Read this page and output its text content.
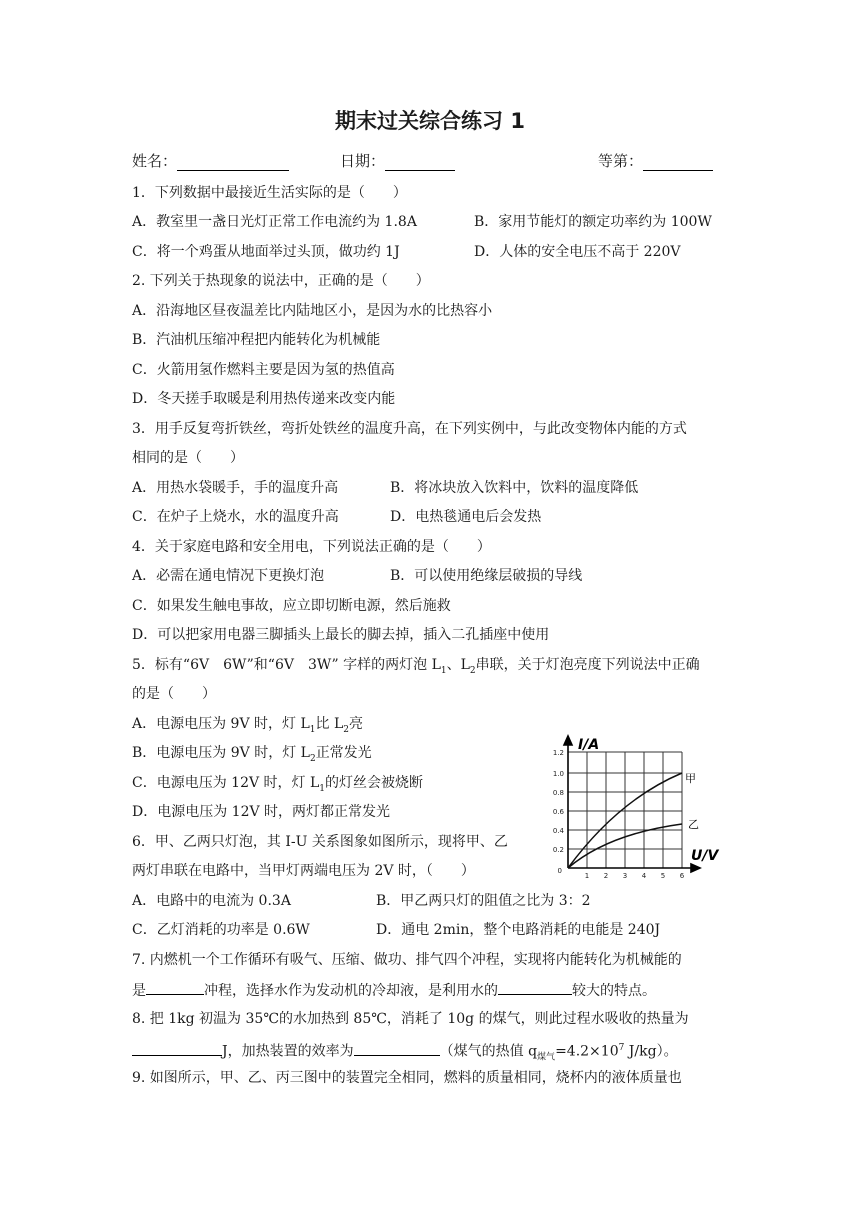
期末过关综合练习 1
姓名：	日期：	等第：
1．下列数据中最接近生活实际的是（　　）
A．教室里一盏日光灯正常工作电流约为 1.8A	B．家用节能灯的额定功率约为 100W
C．将一个鸡蛋从地面举过头顶，做功约 1J	D．人体的安全电压不高于 220V
2. 下列关于热现象的说法中，正确的是（　　）
A．沿海地区昼夜温差比内陆地区小，是因为水的比热容小
B．汽油机压缩冲程把内能转化为机械能
C．火箭用氢作燃料主要是因为氢的热值高
D．冬天搓手取暖是利用热传递来改变内能
3．用手反复弯折铁丝，弯折处铁丝的温度升高，在下列实例中，与此改变物体内能的方式
相同的是（　　）
A．用热水袋暖手，手的温度升高	B．将冰块放入饮料中，饮料的温度降低
C．在炉子上烧水，水的温度升高	D．电热毯通电后会发热
4．关于家庭电路和安全用电，下列说法正确的是（　　）
A．必需在通电情况下更换灯泡	B．可以使用绝缘层破损的导线
C．如果发生触电事故，应立即切断电源，然后施救
D．可以把家用电器三脚插头上最长的脚去掉，插入二孔插座中使用
5．标有“6V　6W”和“6V　3W” 字样的两灯泡 $L_1$、$L_2$串联，关于灯泡亮度下列说法中正确
的是（　　）
A．电源电压为 9V 时，灯 $L_1$比 $L_2$亮
B．电源电压为 9V 时，灯 $L_2$正常发光
C．电源电压为 12V 时，灯 $L_1$的灯丝会被烧断
D．电源电压为 12V 时，两灯都正常发光
6．甲、乙两只灯泡，其 I-U 关系图象如图所示，现将甲、乙
两灯串联在电路中，当甲灯两端电压为 2V 时，（　　）
A．电路中的电流为 0.3A	B．甲乙两只灯的阻值之比为 3：2
C．乙灯消耗的功率是 0.6W	D．通电 2min，整个电路消耗的电能是 240J
7. 内燃机一个工作循环有吸气、压缩、做功、排气四个冲程，实现将内能转化为机械能的
是	冲程，选择水作为发动机的冷却液，是利用水的	较大的特点。
8. 把 1kg 初温为 35℃的水加热到 85℃，消耗了 10g 的煤气，则此过程水吸收的热量为
J，加热装置的效率为	（煤气的热值 $q_{煤气}=4.2\times 10^7$ J/kg）。
9. 如图所示，甲、乙、丙三图中的装置完全相同，燃料的质量相同，烧杯内的液体质量也
1.2
1.0
0.8
0.6
0.4
0.2
0
1 2 3 4 5 6
I/A
U/V
甲
乙
